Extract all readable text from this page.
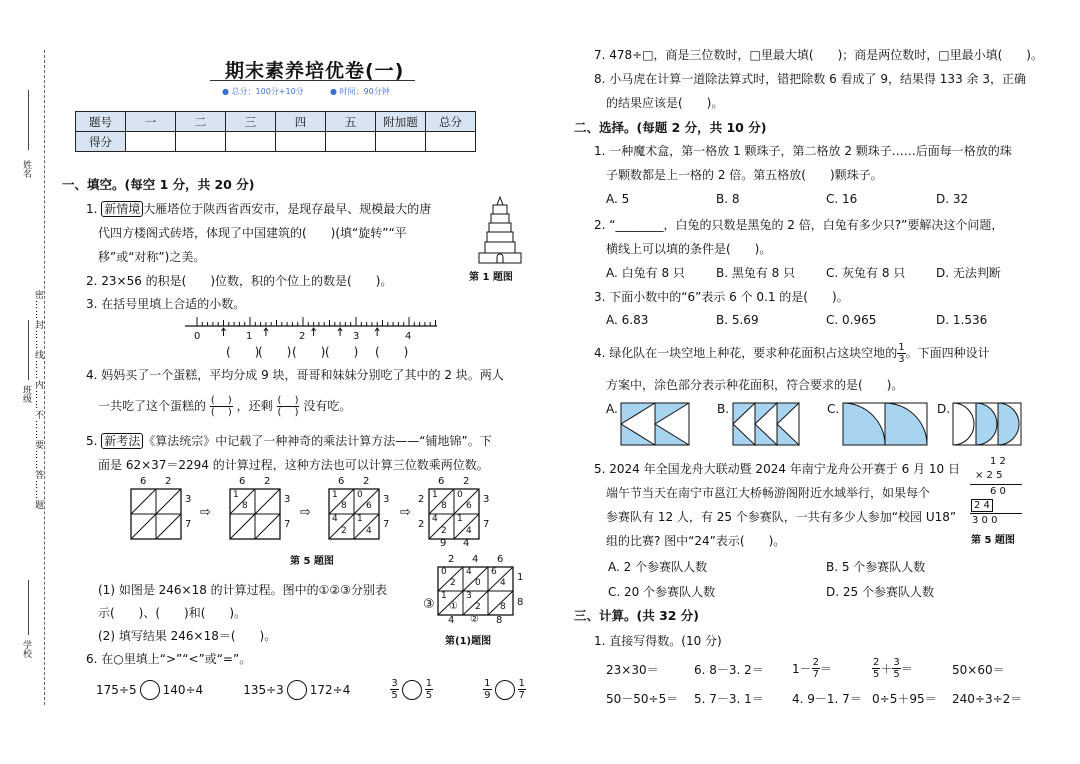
姓名
班级
学校
密……封……线……内……不……要……答……题
期末素养培优卷(一)
● 总分：100分+10分	● 时间：90分钟
题号	一	二	三	四	五	附加题	总分
得分							
一、填空。(每空 1 分，共 20 分)
1. 新情境 大雁塔位于陕西省西安市，是现存最早、规模最大的唐
代四方楼阁式砖塔，体现了中国建筑的(　　)(填“旋转”“平
移”或“对称”)之美。
第 1 题图
2. 23×56 的积是(　　)位数，积的个位上的数是(　　)。
3. 在括号里填上合适的小数。
0	1	2	3	4
(　　)
(　　) (　　) (　　) (　　)
4. 妈妈买了一个蛋糕，平均分成 9 块，哥哥和妹妹分别吃了其中的 2 块。两人
一共吃了这个蛋糕的 $\frac{( )}{( )}$ ，还剩 $\frac{( )}{( )}$ 没有吃。
5. 新考法 《算法统宗》中记载了一种神奇的乘法计算方法——“铺地锦”。下
面是 62×37＝2294 的计算过程，这种方法也可以计算三位数乘两位数。
6 2
3
7
⇨
6 2
1
8
3
7
⇨
6 2
1
8
0
6
4
2
1
4
3
7
⇨
6 2
2 1
8
0
6
4
2
1
4
2
9 4
3
7
第 5 题图	2 4 6
1
8
0
2
4
0
6
4
1 3
2 8
4 ② 8
①
③
(1) 如图是 246×18 的计算过程。图中的①②③分别表
示(　　)、(　　)和(　　)。
(2) 填写结果 246×18＝(　　)。	第(1)题图
6. 在○里填上“>”“<”或“=”。
175÷5 140÷4	135÷3 172÷4	$\frac{3}{5}$	$\frac{1}{5}$	$\frac{1}{9}$	$\frac{1}{7}$
7. 478÷□，商是三位数时，□里最大填(　　)；商是两位数时，□里最小填(　　)。
8. 小马虎在计算一道除法算式时，错把除数 6 看成了 9，结果得 133 余 3，正确
的结果应该是(　　)。
二、选择。(每题 2 分，共 10 分)
1. 一种魔术盒，第一格放 1 颗珠子，第二格放 2 颗珠子……后面每一格放的珠
子颗数都是上一格的 2 倍。第五格放(　　)颗珠子。
A. 5	B. 8	C. 16	D. 32
2. “________，白兔的只数是黑兔的 2 倍，白兔有多少只?”要解决这个问题，
横线上可以填的条件是(　　)。
A. 白兔有 8 只	B. 黑兔有 8 只	C. 灰兔有 8 只	D. 无法判断
3. 下面小数中的“6”表示 6 个 0.1 的是(　　)。
A. 6.83	B. 5.69	C. 0.965	D. 1.536
4. 绿化队在一块空地上种花，要求种花面积占这块空地的 $\frac{1}{3}$ 。下面四种设计
方案中，涂色部分表示种花面积，符合要求的是(　　)。
A.	B.	C.	D.
5. 2024 年全国龙舟大联动暨 2024 年南宁龙舟公开赛于 6 月 10 日
端午节当天在南宁市邕江大桥畅游阁附近水域举行，如果每个
参赛队有 12 人，有 25 个参赛队，一共有多少人参加“校园 U18”
组的比赛? 图中“24”表示(　　)。
1 2
× 2 5
6 0
2 4
3 0 0
第 5 题图
A. 2 个参赛队人数	B. 5 个参赛队人数
C. 20 个参赛队人数	D. 25 个参赛队人数
三、计算。(共 32 分)
1. 直接写得数。(10 分)
23×30＝	6. 8－3. $2= 1- \frac{2}{7}$ ＝	$\frac{2}{5} + \frac{3}{5}$ ＝	50×60＝
50－50÷5＝ 5. 7－3. 1＝ 4. 9－1. 7＝ 0÷5＋95＝ 240÷3÷2＝
